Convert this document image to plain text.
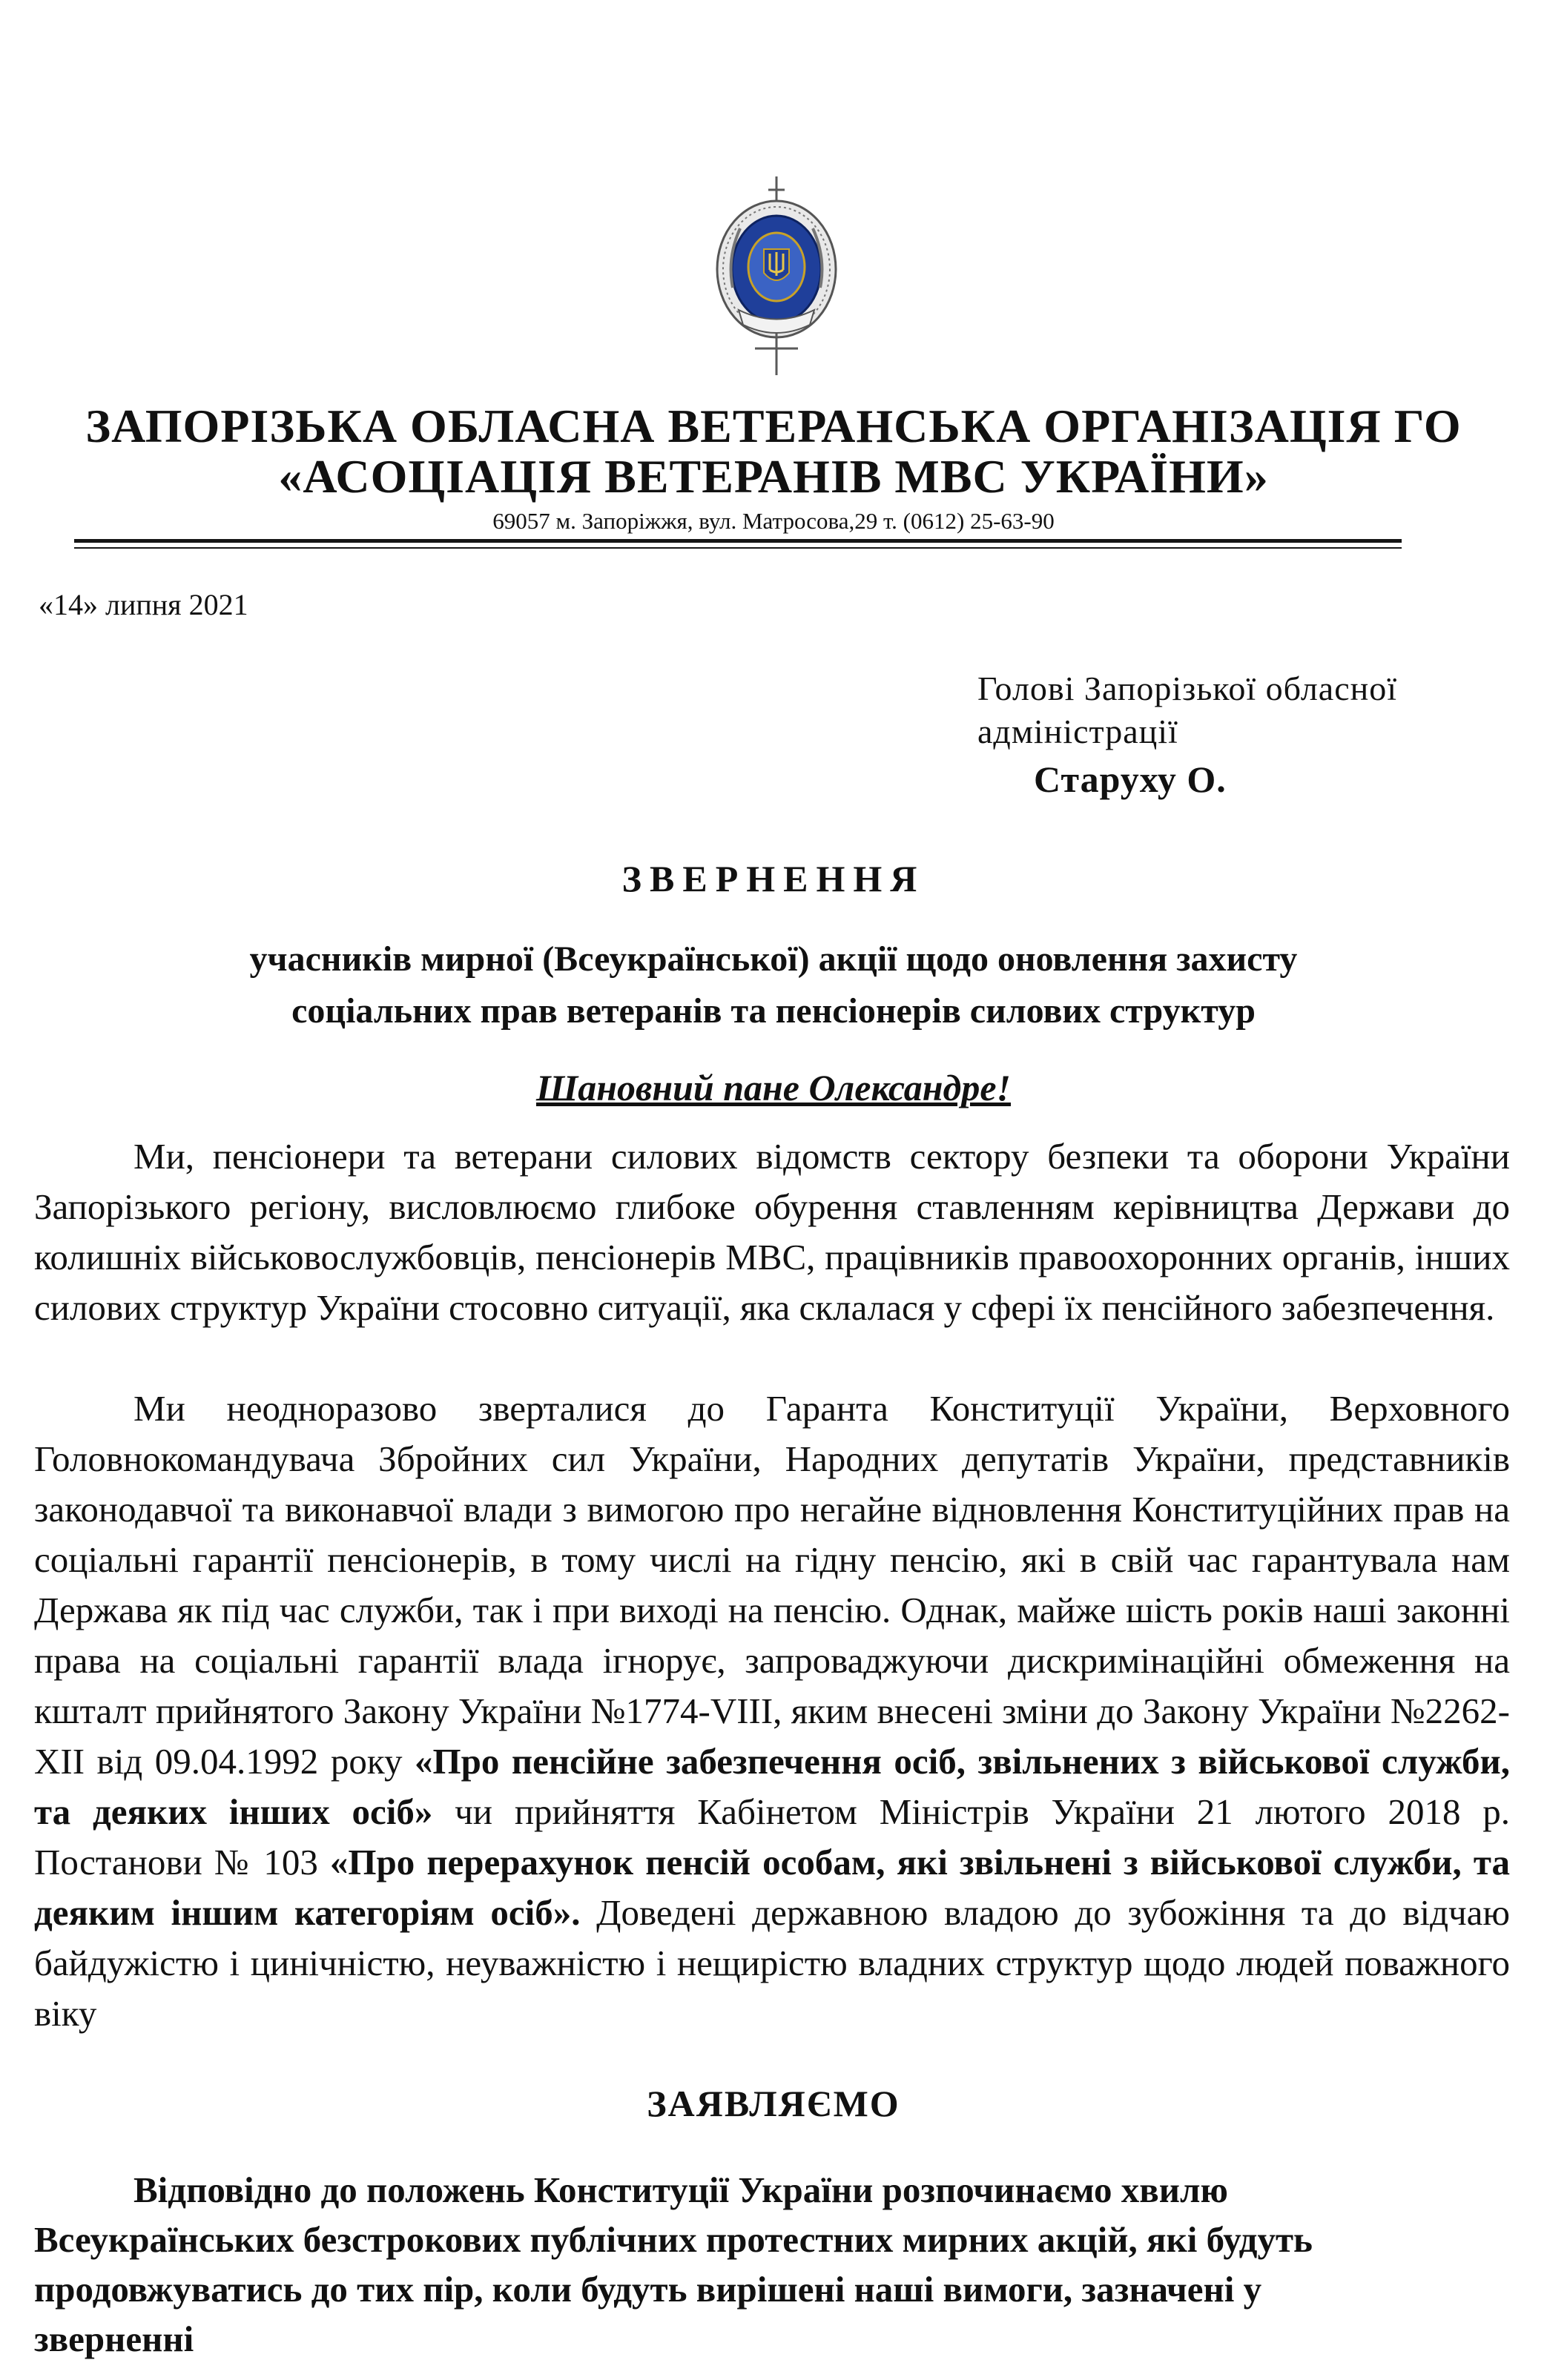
ЗАПОРІЗЬКА ОБЛАСНА ВЕТЕРАНСЬКА ОРГАНІЗАЦІЯ ГО
«АСОЦІАЦІЯ ВЕТЕРАНІВ МВС УКРАЇНИ»
69057 м. Запоріжжя, вул. Матросова,29 т. (0612) 25-63-90
«14» липня 2021
Голові Запорізької обласної
адміністрації
Старуху О.
ЗВЕРНЕННЯ
учасників мирної (Всеукраїнської) акції щодо оновлення захисту
соціальних прав ветеранів та пенсіонерів силових структур
Шановний пане Олександре!

Ми, пенсіонери та ветерани силових відомств сектору безпеки та оборони України Запорізького регіону, висловлюємо глибоке обурення ставленням керівництва Держави до колишніх військовослужбовців, пенсіонерів МВС, працівників правоохоронних органів, інших силових структур України стосовно ситуації, яка склалася у сфері їх пенсійного забезпечення.

Ми неодноразово зверталися до Гаранта Конституції України, Верховного Головнокомандувача Збройних сил України, Народних депутатів України, представників законодавчої та виконавчої влади з вимогою про негайне відновлення Конституційних прав на соціальні гарантії пенсіонерів, в тому числі на гідну пенсію, які в свій час гарантувала нам Держава як під час служби, так і при виході на пенсію. Однак, майже шість років наші законні права на соціальні гарантії влада ігнорує, запроваджуючи дискримінаційні обмеження на кшталт прийнятого Закону України №1774-VIII, яким внесені зміни до Закону України №2262-ХІІ від 09.04.1992 року «Про пенсійне забезпечення осіб, звільнених з військової служби, та деяких інших осіб» чи прийняття Кабінетом Міністрів України 21 лютого 2018 р. Постанови № 103 «Про перерахунок пенсій особам, які звільнені з військової служби, та деяким іншим категоріям осіб». Доведені державною владою до зубожіння та до відчаю байдужістю і цинічністю, неуважністю і нещирістю владних структур щодо людей поважного віку

ЗАЯВЛЯЄМО

Відповідно до положень Конституції України розпочинаємо хвилю Всеукраїнських безстрокових публічних протестних мирних акцій, які будуть продовжуватись до тих пір, коли будуть вирішені наші вимоги, зазначені у зверненні
